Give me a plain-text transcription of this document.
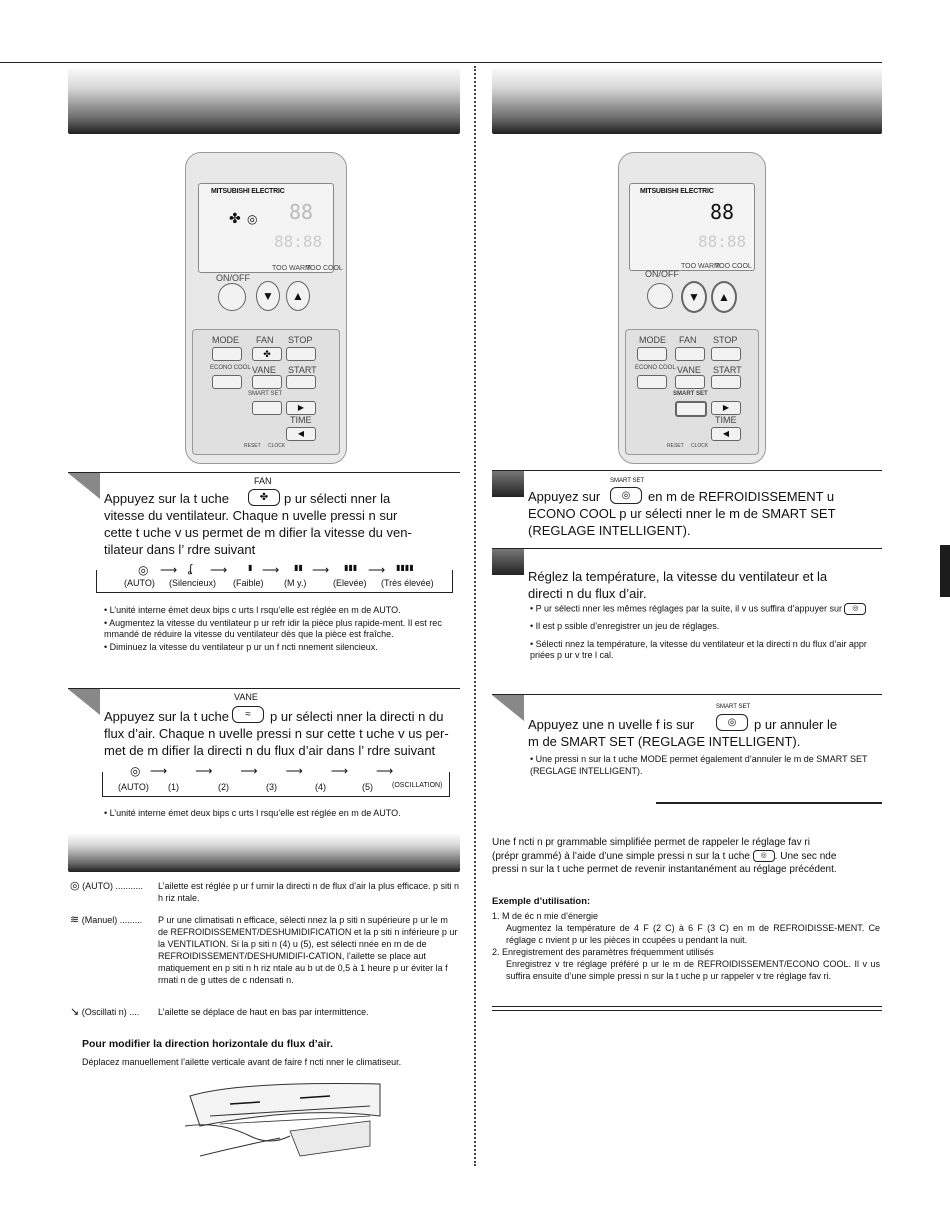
MITSUBISHI ELECTRIC
88
88:88
✤ ◎
ON/OFF
TOO WARM
TOO COOL
▼	▲
MODE FAN
✤
STOP
ECONO COOL VANE START
SMART SET
▶
TIME
◀
RESET CLOCK
MITSUBISHI ELECTRIC
88
88:88
ON/OFF
TOO WARM
TOO COOL
▼	▲
MODE FAN STOP
ECONO COOL VANE START
SMART SET
▶
TIME
◀
RESET CLOCK
FAN
Appuyez sur la t uche	✤	p ur sélecti nner la
vitesse du ventilateur. Chaque n uvelle pressi n sur
cette t uche v us permet de m difier la vitesse du ven-
tilateur dans l’ rdre suivant
◎ ⟶ ʆ ⟶	▮ ⟶ ▮▮ ⟶ ▮▮▮ ⟶ ▮▮▮▮
(AUTO) (Silencieux) (Faible) (M y.)	(Elevée) (Très élevée)
• L’unité interne émet deux bips c urts l rsqu’elle est réglée en m de AUTO.
• Augmentez la vitesse du ventilateur p ur refr idir la pièce plus rapide-ment. Il est rec mmandé de réduire la vitesse du ventilateur dès que la pièce est fraîche.
• Diminuez la vitesse du ventilateur p ur un f ncti nnement silencieux.
VANE
Appuyez sur la t uche	≈	p ur sélecti nner la directi n du
flux d’air. Chaque n uvelle pressi n sur cette t uche v us per-
met de m difier la directi n du flux d’air dans l’ rdre suivant
(AUTO) (1)	(2)	(3)	(4)	(5)	(OSCILLATION)
◎ ⟶⟶⟶⟶⟶⟶
• L’unité interne émet deux bips c urts l rsqu’elle est réglée en m de AUTO.
◎ (AUTO) ........... L’ailette est réglée p ur f urnir la directi n de flux d’air la plus efficace. p siti n h riz ntale.
≋ (Manuel) ......... P ur une climatisati n efficace, sélecti nnez la p siti n supérieure p ur le m de REFROIDISSEMENT/DESHUMIDIFICATION et la p siti n inférieure p ur la VENTILATION. Si la p siti n (4) u (5), est sélecti nnée en m de de REFROIDISSEMENT/DESHUMIDIFI-CATION, l’ailette se place aut matiquement en p siti n h riz ntale au b ut de 0,5 à 1 heure p ur éviter la f rmati n de g uttes de c ndensati n.
↘ (Oscillati n) .... L’ailette se déplace de haut en bas par intermittence.
Pour modifier la direction horizontale du flux d’air.
Déplacez manuellement l’ailette verticale avant de faire f ncti nner le climatiseur.
SMART SET
Appuyez sur	◎	en m de REFROIDISSEMENT u
ECONO COOL p ur sélecti nner le m de SMART SET
(REGLAGE INTELLIGENT).
Réglez la température, la vitesse du ventilateur et la
directi n du flux d’air.
• P ur sélecti nner les mêmes réglages par la suite, il v us suffira d’appuyer sur ◎
• Il est p ssible d’enregistrer un jeu de réglages.
• Sélecti nnez la température, la vitesse du ventilateur et la directi n du flux d’air appr priées p ur v tre l cal.
SMART SET
Appuyez une n uvelle f is sur	◎	p ur annuler le
m de SMART SET (REGLAGE INTELLIGENT).
• Une pressi n sur la t uche MODE permet également d’annuler le m de SMART SET (REGLAGE INTELLIGENT).
Une f ncti n pr grammable simplifiée permet de rappeler le réglage fav ri
(prépr grammé) à l’aide d’une simple pressi n sur la t uche ◎ . Une sec nde
pressi n sur la t uche permet de revenir instantanément au réglage précédent.
Exemple d’utilisation:
1. M de éc n mie d’énergie
Augmentez la température de 4 F (2 C) à 6 F (3 C) en m de REFROIDISSE-MENT. Ce réglage c nvient p ur les pièces in ccupées u pendant la nuit.
2. Enregistrement des paramètres fréquemment utilisés
Enregistrez v tre réglage préféré p ur le m de REFROIDISSEMENT/ECONO COOL. Il v us suffira ensuite d’une simple pressi n sur la t uche p ur rappeler v tre réglage fav ri.
